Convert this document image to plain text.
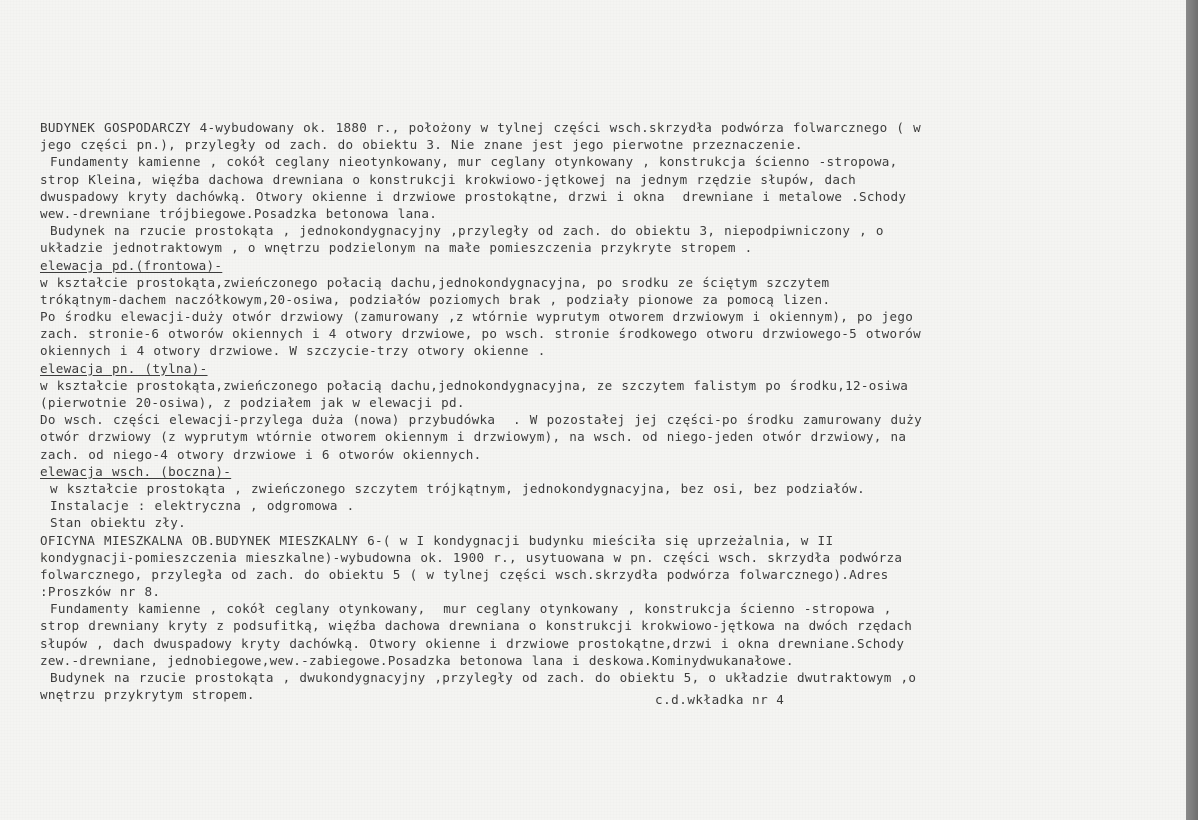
BUDYNEK GOSPODARCZY 4-wybudowany ok. 1880 r., położony w tylnej części wsch.skrzydła podwórza folwarcznego ( w
jego części pn.), przyległy od zach. do obiektu 3. Nie znane jest jego pierwotne przeznaczenie.
Fundamenty kamienne , cokół ceglany nieotynkowany, mur ceglany otynkowany , konstrukcja ścienno -stropowa,
strop Kleina, więźba dachowa drewniana o konstrukcji krokwiowo-jętkowej na jednym rzędzie słupów, dach
dwuspadowy kryty dachówką. Otwory okienne i drzwiowe prostokątne, drzwi i okna  drewniane i metalowe .Schody
wew.-drewniane trójbiegowe.Posadzka betonowa lana.
Budynek na rzucie prostokąta , jednokondygnacyjny ,przyległy od zach. do obiektu 3, niepodpiwniczony , o
układzie jednotraktowym , o wnętrzu podzielonym na małe pomieszczenia przykryte stropem .
elewacja pd.(frontowa)-
w kształcie prostokąta,zwieńczonego połacią dachu,jednokondygnacyjna, po srodku ze ściętym szczytem
trókątnym-dachem naczółkowym,20-osiwa, podziałów poziomych brak , podziały pionowe za pomocą lizen.
Po środku elewacji-duży otwór drzwiowy (zamurowany ,z wtórnie wyprutym otworem drzwiowym i okiennym), po jego
zach. stronie-6 otworów okiennych i 4 otwory drzwiowe, po wsch. stronie środkowego otworu drzwiowego-5 otworów
okiennych i 4 otwory drzwiowe. W szczycie-trzy otwory okienne .
elewacja pn. (tylna)-
w kształcie prostokąta,zwieńczonego połacią dachu,jednokondygnacyjna, ze szczytem falistym po środku,12-osiwa
(pierwotnie 20-osiwa), z podziałem jak w elewacji pd.
Do wsch. części elewacji-przylega duża (nowa) przybudówka  . W pozostałej jej części-po środku zamurowany duży
otwór drzwiowy (z wyprutym wtórnie otworem okiennym i drzwiowym), na wsch. od niego-jeden otwór drzwiowy, na
zach. od niego-4 otwory drzwiowe i 6 otworów okiennych.
elewacja wsch. (boczna)-
w kształcie prostokąta , zwieńczonego szczytem trójkątnym, jednokondygnacyjna, bez osi, bez podziałów.
Instalacje : elektryczna , odgromowa .
Stan obiektu zły.
OFICYNA MIESZKALNA OB.BUDYNEK MIESZKALNY 6-( w I kondygnacji budynku mieściła się uprzeżalnia, w II
kondygnacji-pomieszczenia mieszkalne)-wybudowna ok. 1900 r., usytuowana w pn. części wsch. skrzydła podwórza
folwarcznego, przyległa od zach. do obiektu 5 ( w tylnej części wsch.skrzydła podwórza folwarcznego).Adres
:Proszków nr 8.
Fundamenty kamienne , cokół ceglany otynkowany,  mur ceglany otynkowany , konstrukcja ścienno -stropowa ,
strop drewniany kryty z podsufitką, więźba dachowa drewniana o konstrukcji krokwiowo-jętkowa na dwóch rzędach
słupów , dach dwuspadowy kryty dachówką. Otwory okienne i drzwiowe prostokątne,drzwi i okna drewniane.Schody
zew.-drewniane, jednobiegowe,wew.-zabiegowe.Posadzka betonowa lana i deskowa.Kominydwukanałowe.
Budynek na rzucie prostokąta , dwukondygnacyjny ,przyległy od zach. do obiektu 5, o układzie dwutraktowym ,o
wnętrzu przykrytym stropem.	c.d.wkładka nr 4
